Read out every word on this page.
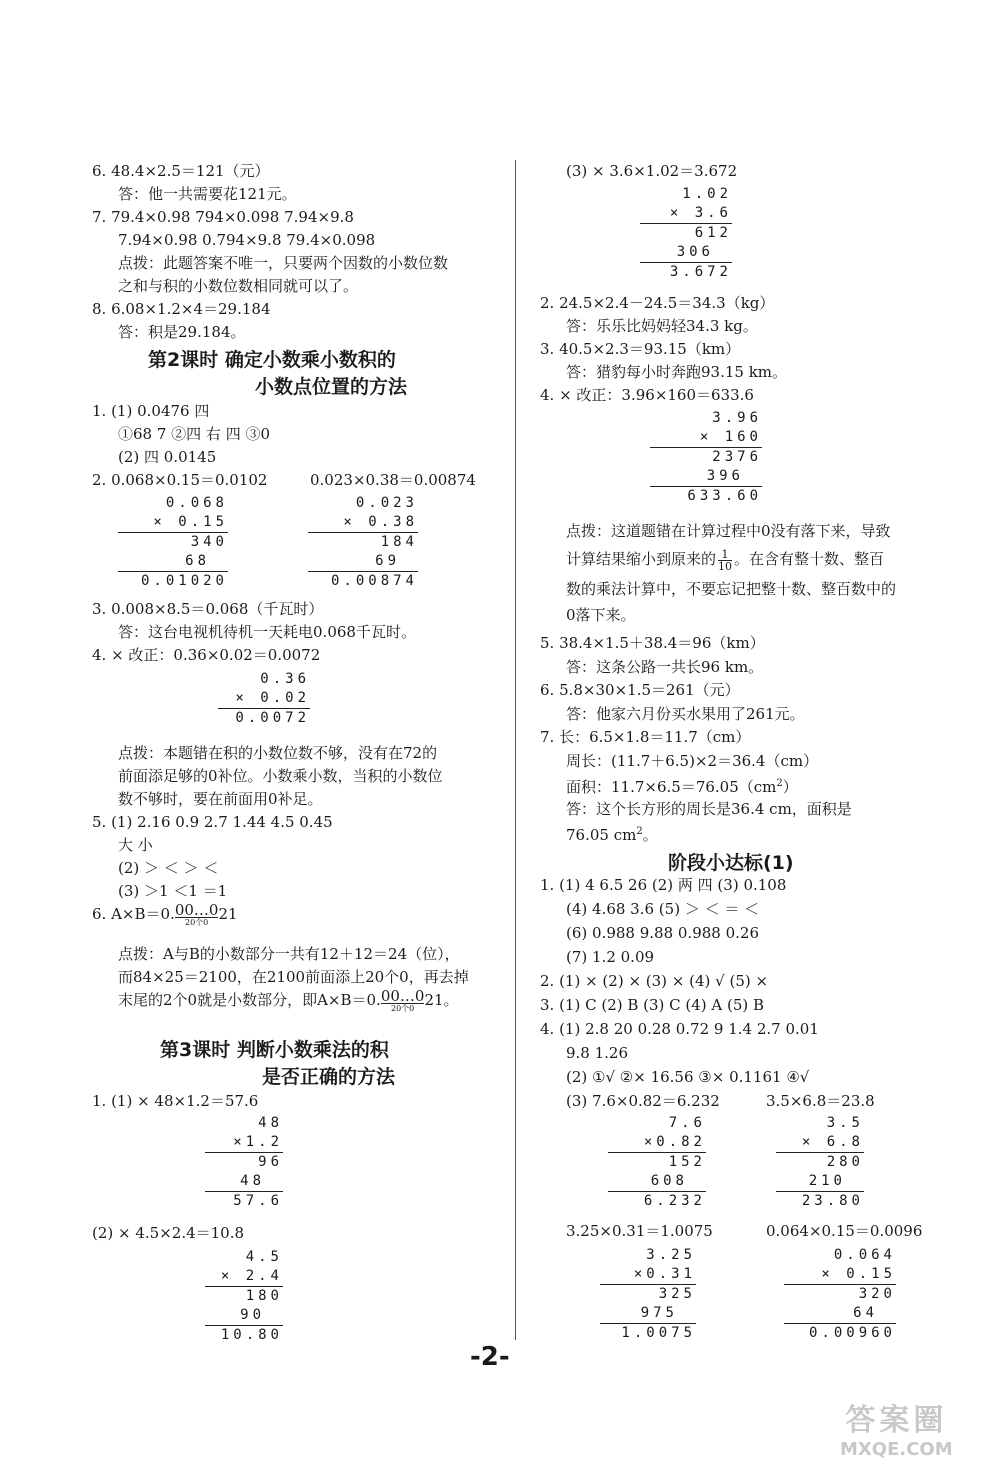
6. 48.4×2.5＝121（元）
答：他一共需要花121元。
7. 79.4×0.98 794×0.098 7.94×9.8
7.94×0.98 0.794×9.8 79.4×0.098
点拨：此题答案不唯一，只要两个因数的小数位数
之和与积的小数位数相同就可以了。
8. 6.08×1.2×4＝29.184
答：积是29.184。
第2课时 确定小数乘小数积的
小数点位置的方法
1. (1) 0.0476 四
①68 7 ②四 右 四 ③0
(2) 四 0.0145
2. 0.068×0.15＝0.0102	0.023×0.38＝0.00874
0.068
× 0.15
340
68
0.01020
0.023
× 0.38
184
69
0.00874
3. 0.008×8.5＝0.068（千瓦时）
答：这台电视机待机一天耗电0.068千瓦时。
4. × 改正：0.36×0.02＝0.0072
0.36
× 0.02
0.0072
点拨：本题错在积的小数位数不够，没有在72的
前面添足够的0补位。小数乘小数，当积的小数位
数不够时，要在前面用0补足。
5. (1) 2.16 0.9 2.7 1.44 4.5 0.45
大 小
(2) ＞ ＜ ＞ ＜
(3) ＞1 ＜1 ＝1
6. A×B＝0.00…0
20个0 21
点拨：A与B的小数部分一共有12＋12＝24（位），
而84×25＝2100，在2100前面添上20个0，再去掉
末尾的2个0就是小数部分，即A×B＝0.00…0
20个0 21。
第3课时 判断小数乘法的积
是否正确的方法
1. (1) × 48×1.2＝57.6
48
×1.2
96
48
57.6
(2) × 4.5×2.4＝10.8
4.5
× 2.4
180
90
10.80
(3) × 3.6×1.02＝3.672
1.02
× 3.6
612
306
3.672
2. 24.5×2.4－24.5＝34.3（kg）
答：乐乐比妈妈轻34.3 kg。
3. 40.5×2.3＝93.15（km）
答：猎豹每小时奔跑93.15 km。
4. × 改正：3.96×160＝633.6
3.96
× 160
2376
396
633.60
点拨：这道题错在计算过程中0没有落下来，导致
计算结果缩小到原来的 $\frac{1}{10}$ 。在含有整十数、整百
数的乘法计算中，不要忘记把整十数、整百数中的
0落下来。
5. 38.4×1.5＋38.4＝96（km）
答：这条公路一共长96 km。
6. 5.8×30×1.5＝261（元）
答：他家六月份买水果用了261元。
7. 长：6.5×1.8＝11.7（cm）
周长：(11.7＋6.5)×2＝36.4（cm）
面积：$11.7\times 6.5=76.05(cm^2)$
答：这个长方形的周长是36.4 cm，面积是
76.05 $cm^2$。
阶段小达标(1)
1. (1) 4 6.5 26 (2) 两 四 (3) 0.108
(4) 4.68 3.6 (5) ＞ ＜ ＝ ＜
(6) 0.988 9.88 0.988 0.26
(7) 1.2 0.09
2. (1) × (2) × (3) × (4) √ (5) ×
3. (1) C (2) B (3) C (4) A (5) B
4. (1) 2.8 20 0.28 0.72 9 1.4 2.7 0.01
9.8 1.26
(2) ①√ ②× 16.56 ③× 0.1161 ④√
(3) 7.6×0.82＝6.232	3.5×6.8＝23.8
7.6
×0.82
152
608
6.232
3.5
× 6.8
280
210
23.80
3.25×0.31＝1.0075	0.064×0.15＝0.0096
3.25
×0.31
325
975
1.0075
0.064
× 0.15
320
64
0.00960
-2-
答案圈
MXQE.COM
